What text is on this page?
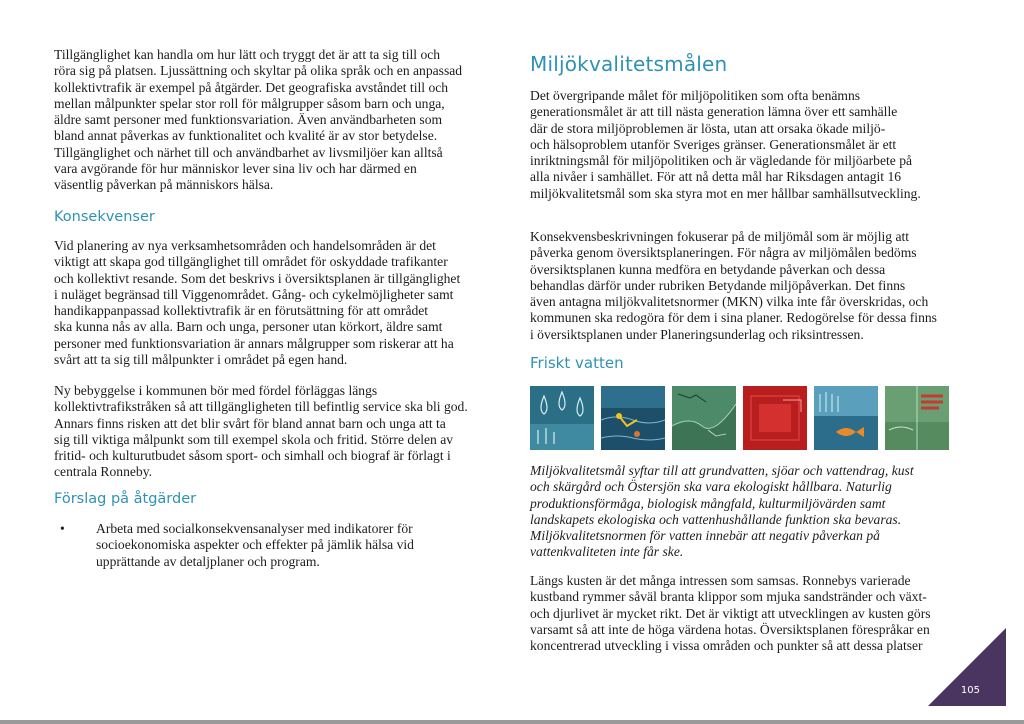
Tillgänglighet kan handla om hur lätt och tryggt det är att ta sig till och

röra sig på platsen. Ljussättning och skyltar på olika språk och en anpassad

kollektivtrafik är exempel på åtgärder. Det geografiska avståndet till och

mellan målpunkter spelar stor roll för målgrupper såsom barn och unga,

äldre samt personer med funktionsvariation. Även användbarheten som

bland annat påverkas av funktionalitet och kvalité är av stor betydelse.

Tillgänglighet och närhet till och användbarhet av livsmiljöer kan alltså

vara avgörande för hur människor lever sina liv och har därmed en

väsentlig påverkan på människors hälsa.

Konsekvenser

Vid planering av nya verksamhetsområden och handelsområden är det

viktigt att skapa god tillgänglighet till området för oskyddade trafikanter

och kollektivt resande. Som det beskrivs i översiktsplanen är tillgänglighet

i nuläget begränsad till Viggenområdet. Gång- och cykelmöjligheter samt

handikappanpassad kollektivtrafik är en förutsättning för att området

ska kunna nås av alla. Barn och unga, personer utan körkort, äldre samt

personer med funktionsvariation är annars målgrupper som riskerar att ha

svårt att ta sig till målpunkter i området på egen hand.

Ny bebyggelse i kommunen bör med fördel förläggas längs

kollektivtrafikstråken så att tillgängligheten till befintlig service ska bli god.

Annars finns risken att det blir svårt för bland annat barn och unga att ta

sig till viktiga målpunkt som till exempel skola och fritid. Större delen av

fritid- och kulturutbudet såsom sport- och simhall och biograf är förlagt i

centrala Ronneby.

Förslag på åtgärder
• Arbeta med socialkonsekvensanalyser med indikatorer för

socioekonomiska aspekter och effekter på jämlik hälsa vid

upprättande av detaljplaner och program.

Miljökvalitetsmålen

Det övergripande målet för miljöpolitiken som ofta benämns

generationsmålet är att till nästa generation lämna över ett samhälle

där de stora miljöproblemen är lösta, utan att orsaka ökade miljö-

och hälsoproblem utanför Sveriges gränser. Generationsmålet är ett

inriktningsmål för miljöpolitiken och är vägledande för miljöarbete på

alla nivåer i samhället. För att nå detta mål har Riksdagen antagit 16

miljökvalitetsmål som ska styra mot en mer hållbar samhällsutveckling.

Konsekvensbeskrivningen fokuserar på de miljömål som är möjlig att

påverka genom översiktsplaneringen. För några av miljömålen bedöms

översiktsplanen kunna medföra en betydande påverkan och dessa

behandlas därför under rubriken Betydande miljöpåverkan. Det finns

även antagna miljökvalitetsnormer (MKN) vilka inte får överskridas, och

kommunen ska redogöra för dem i sina planer. Redogörelse för dessa finns

i översiktsplanen under Planeringsunderlag och riksintressen.

Friskt vatten

Miljökvalitetsmål syftar till att grundvatten, sjöar och vattendrag, kust

och skärgård och Östersjön ska vara ekologiskt hållbara. Naturlig

produktionsförmåga, biologisk mångfald, kulturmiljövärden samt

landskapets ekologiska och vattenhushållande funktion ska bevaras.

Miljökvalitetsnormen för vatten innebär att negativ påverkan på

vattenkvaliteten inte får ske.

Längs kusten är det många intressen som samsas. Ronnebys varierade

kustband rymmer såväl branta klippor som mjuka sandstränder och växt-

och djurlivet är mycket rikt. Det är viktigt att utvecklingen av kusten görs

varsamt så att inte de höga värdena hotas. Översiktsplanen förespråkar en

koncentrerad utveckling i vissa områden och punkter så att dessa platser

105
